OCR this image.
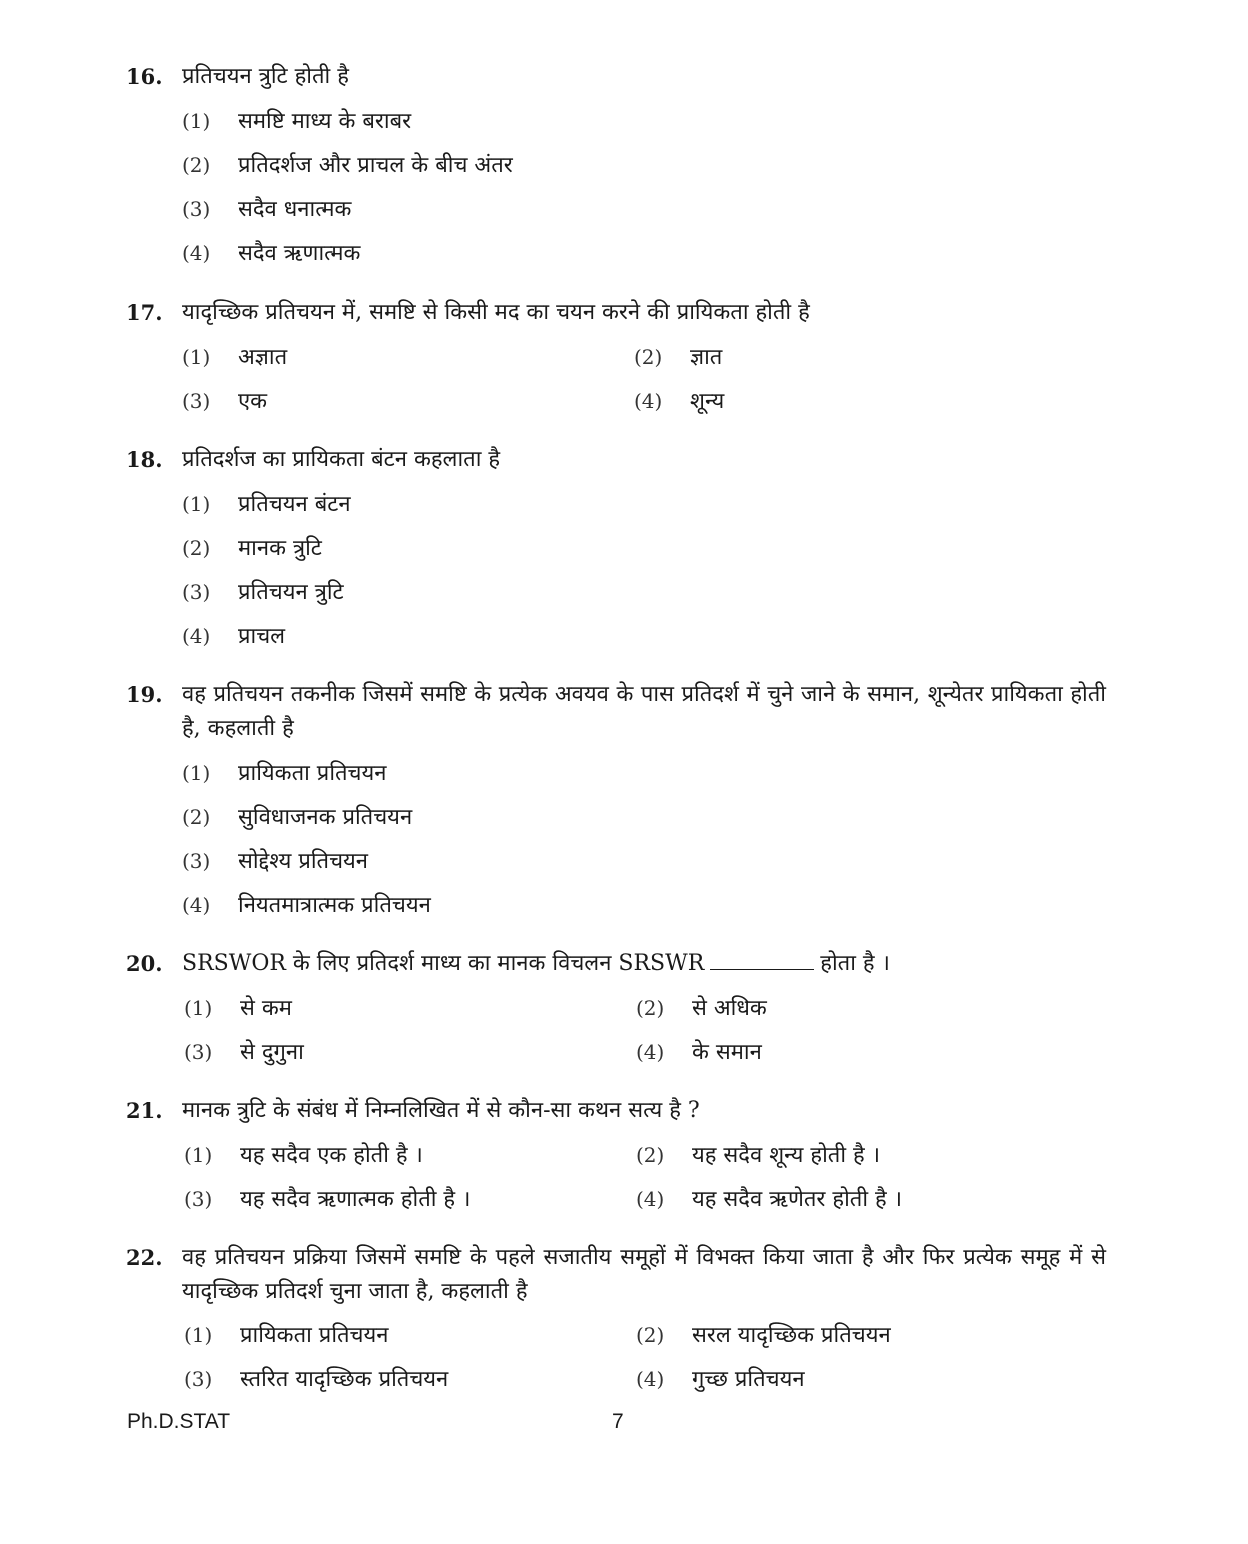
16. प्रतिचयन त्रुटि होती है
(1) समष्टि माध्य के बराबर
(2) प्रतिदर्शज और प्राचल के बीच अंतर
(3) सदैव धनात्मक
(4) सदैव ऋणात्मक
17. यादृच्छिक प्रतिचयन में, समष्टि से किसी मद का चयन करने की प्रायिकता होती है
(1) अज्ञात	(2) ज्ञात
(3) एक	(4) शून्य
18. प्रतिदर्शज का प्रायिकता बंटन कहलाता है
(1) प्रतिचयन बंटन
(2) मानक त्रुटि
(3) प्रतिचयन त्रुटि
(4) प्राचल
19. वह प्रतिचयन तकनीक जिसमें समष्टि के प्रत्येक अवयव के पास प्रतिदर्श में चुने जाने के समान, शून्येतर प्रायिकता होती है, कहलाती है
(1) प्रायिकता प्रतिचयन
(2) सुविधाजनक प्रतिचयन
(3) सोद्देश्य प्रतिचयन
(4) नियतमात्रात्मक प्रतिचयन
20. SRSWOR के लिए प्रतिदर्श माध्य का मानक विचलन SRSWR	होता है ।
(1) से कम	(2) से अधिक
(3) से दुगुना	(4) के समान
21. मानक त्रुटि के संबंध में निम्नलिखित में से कौन-सा कथन सत्य है ?
(1) यह सदैव एक होती है ।	(2) यह सदैव शून्य होती है ।
(3) यह सदैव ऋणात्मक होती है ।	(4) यह सदैव ऋणेतर होती है ।
22. वह प्रतिचयन प्रक्रिया जिसमें समष्टि के पहले सजातीय समूहों में विभक्त किया जाता है और फिर प्रत्येक समूह में से यादृच्छिक प्रतिदर्श चुना जाता है, कहलाती है
(1) प्रायिकता प्रतिचयन	(2) सरल यादृच्छिक प्रतिचयन
(3) स्तरित यादृच्छिक प्रतिचयन	(4) गुच्छ प्रतिचयन
Ph.D.STAT	7
